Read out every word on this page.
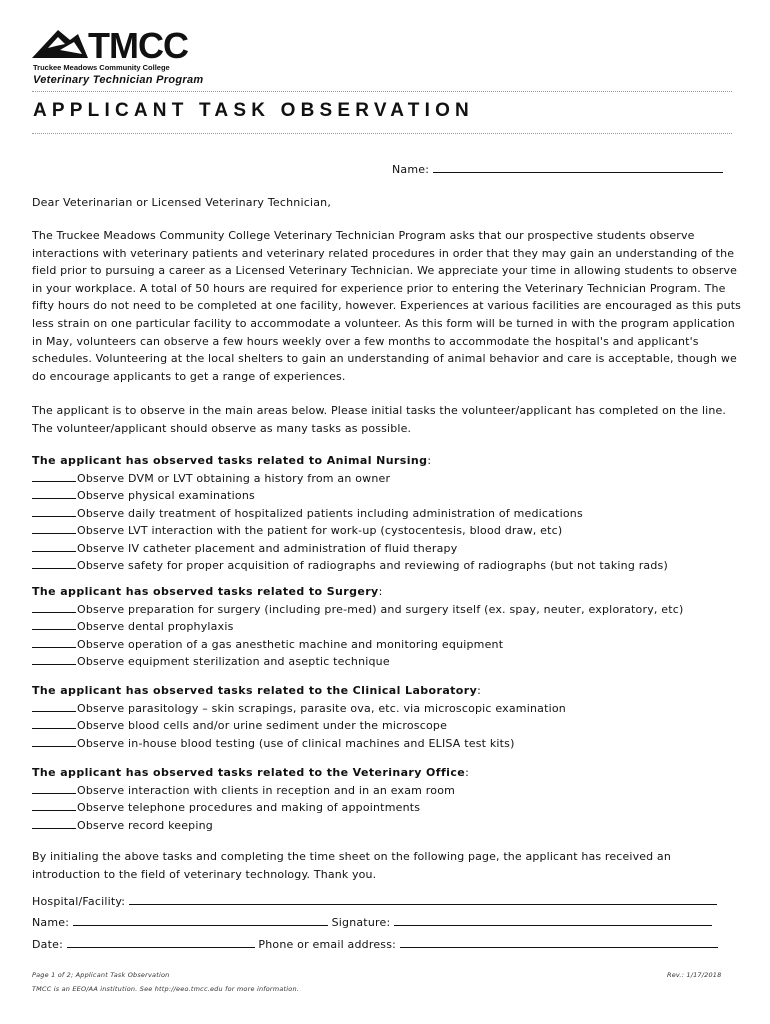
TMCC
Truckee Meadows Community College
Veterinary Technician Program
APPLICANT TASK OBSERVATION
Name:
Dear Veterinarian or Licensed Veterinary Technician,
The Truckee Meadows Community College Veterinary Technician Program asks that our prospective students observe interactions with veterinary patients and veterinary related procedures in order that they may gain an understanding of the field prior to pursuing a career as a Licensed Veterinary Technician. We appreciate your time in allowing students to observe in your workplace. A total of 50 hours are required for experience prior to entering the Veterinary Technician Program. The fifty hours do not need to be completed at one facility, however. Experiences at various facilities are encouraged as this puts less strain on one particular facility to accommodate a volunteer. As this form will be turned in with the program application in May, volunteers can observe a few hours weekly over a few months to accommodate the hospital's and applicant's schedules. Volunteering at the local shelters to gain an understanding of animal behavior and care is acceptable, though we do encourage applicants to get a range of experiences.
The applicant is to observe in the main areas below. Please initial tasks the volunteer/applicant has completed on the line. The volunteer/applicant should observe as many tasks as possible.
The applicant has observed tasks related to Animal Nursing:
Observe DVM or LVT obtaining a history from an owner
Observe physical examinations
Observe daily treatment of hospitalized patients including administration of medications
Observe LVT interaction with the patient for work-up (cystocentesis, blood draw, etc)
Observe IV catheter placement and administration of fluid therapy
Observe safety for proper acquisition of radiographs and reviewing of radiographs (but not taking rads)
The applicant has observed tasks related to Surgery:
Observe preparation for surgery (including pre-med) and surgery itself (ex. spay, neuter, exploratory, etc)
Observe dental prophylaxis
Observe operation of a gas anesthetic machine and monitoring equipment
Observe equipment sterilization and aseptic technique
The applicant has observed tasks related to the Clinical Laboratory:
Observe parasitology – skin scrapings, parasite ova, etc. via microscopic examination
Observe blood cells and/or urine sediment under the microscope
Observe in-house blood testing (use of clinical machines and ELISA test kits)
The applicant has observed tasks related to the Veterinary Office:
Observe interaction with clients in reception and in an exam room
Observe telephone procedures and making of appointments
Observe record keeping
By initialing the above tasks and completing the time sheet on the following page, the applicant has received an introduction to the field of veterinary technology. Thank you.
Hospital/Facility:
Name:	Signature:
Date:	Phone or email address:
Page 1 of 2; Applicant Task Observation	Rev.: 1/17/2018
TMCC is an EEO/AA institution. See http://eeo.tmcc.edu for more information.
